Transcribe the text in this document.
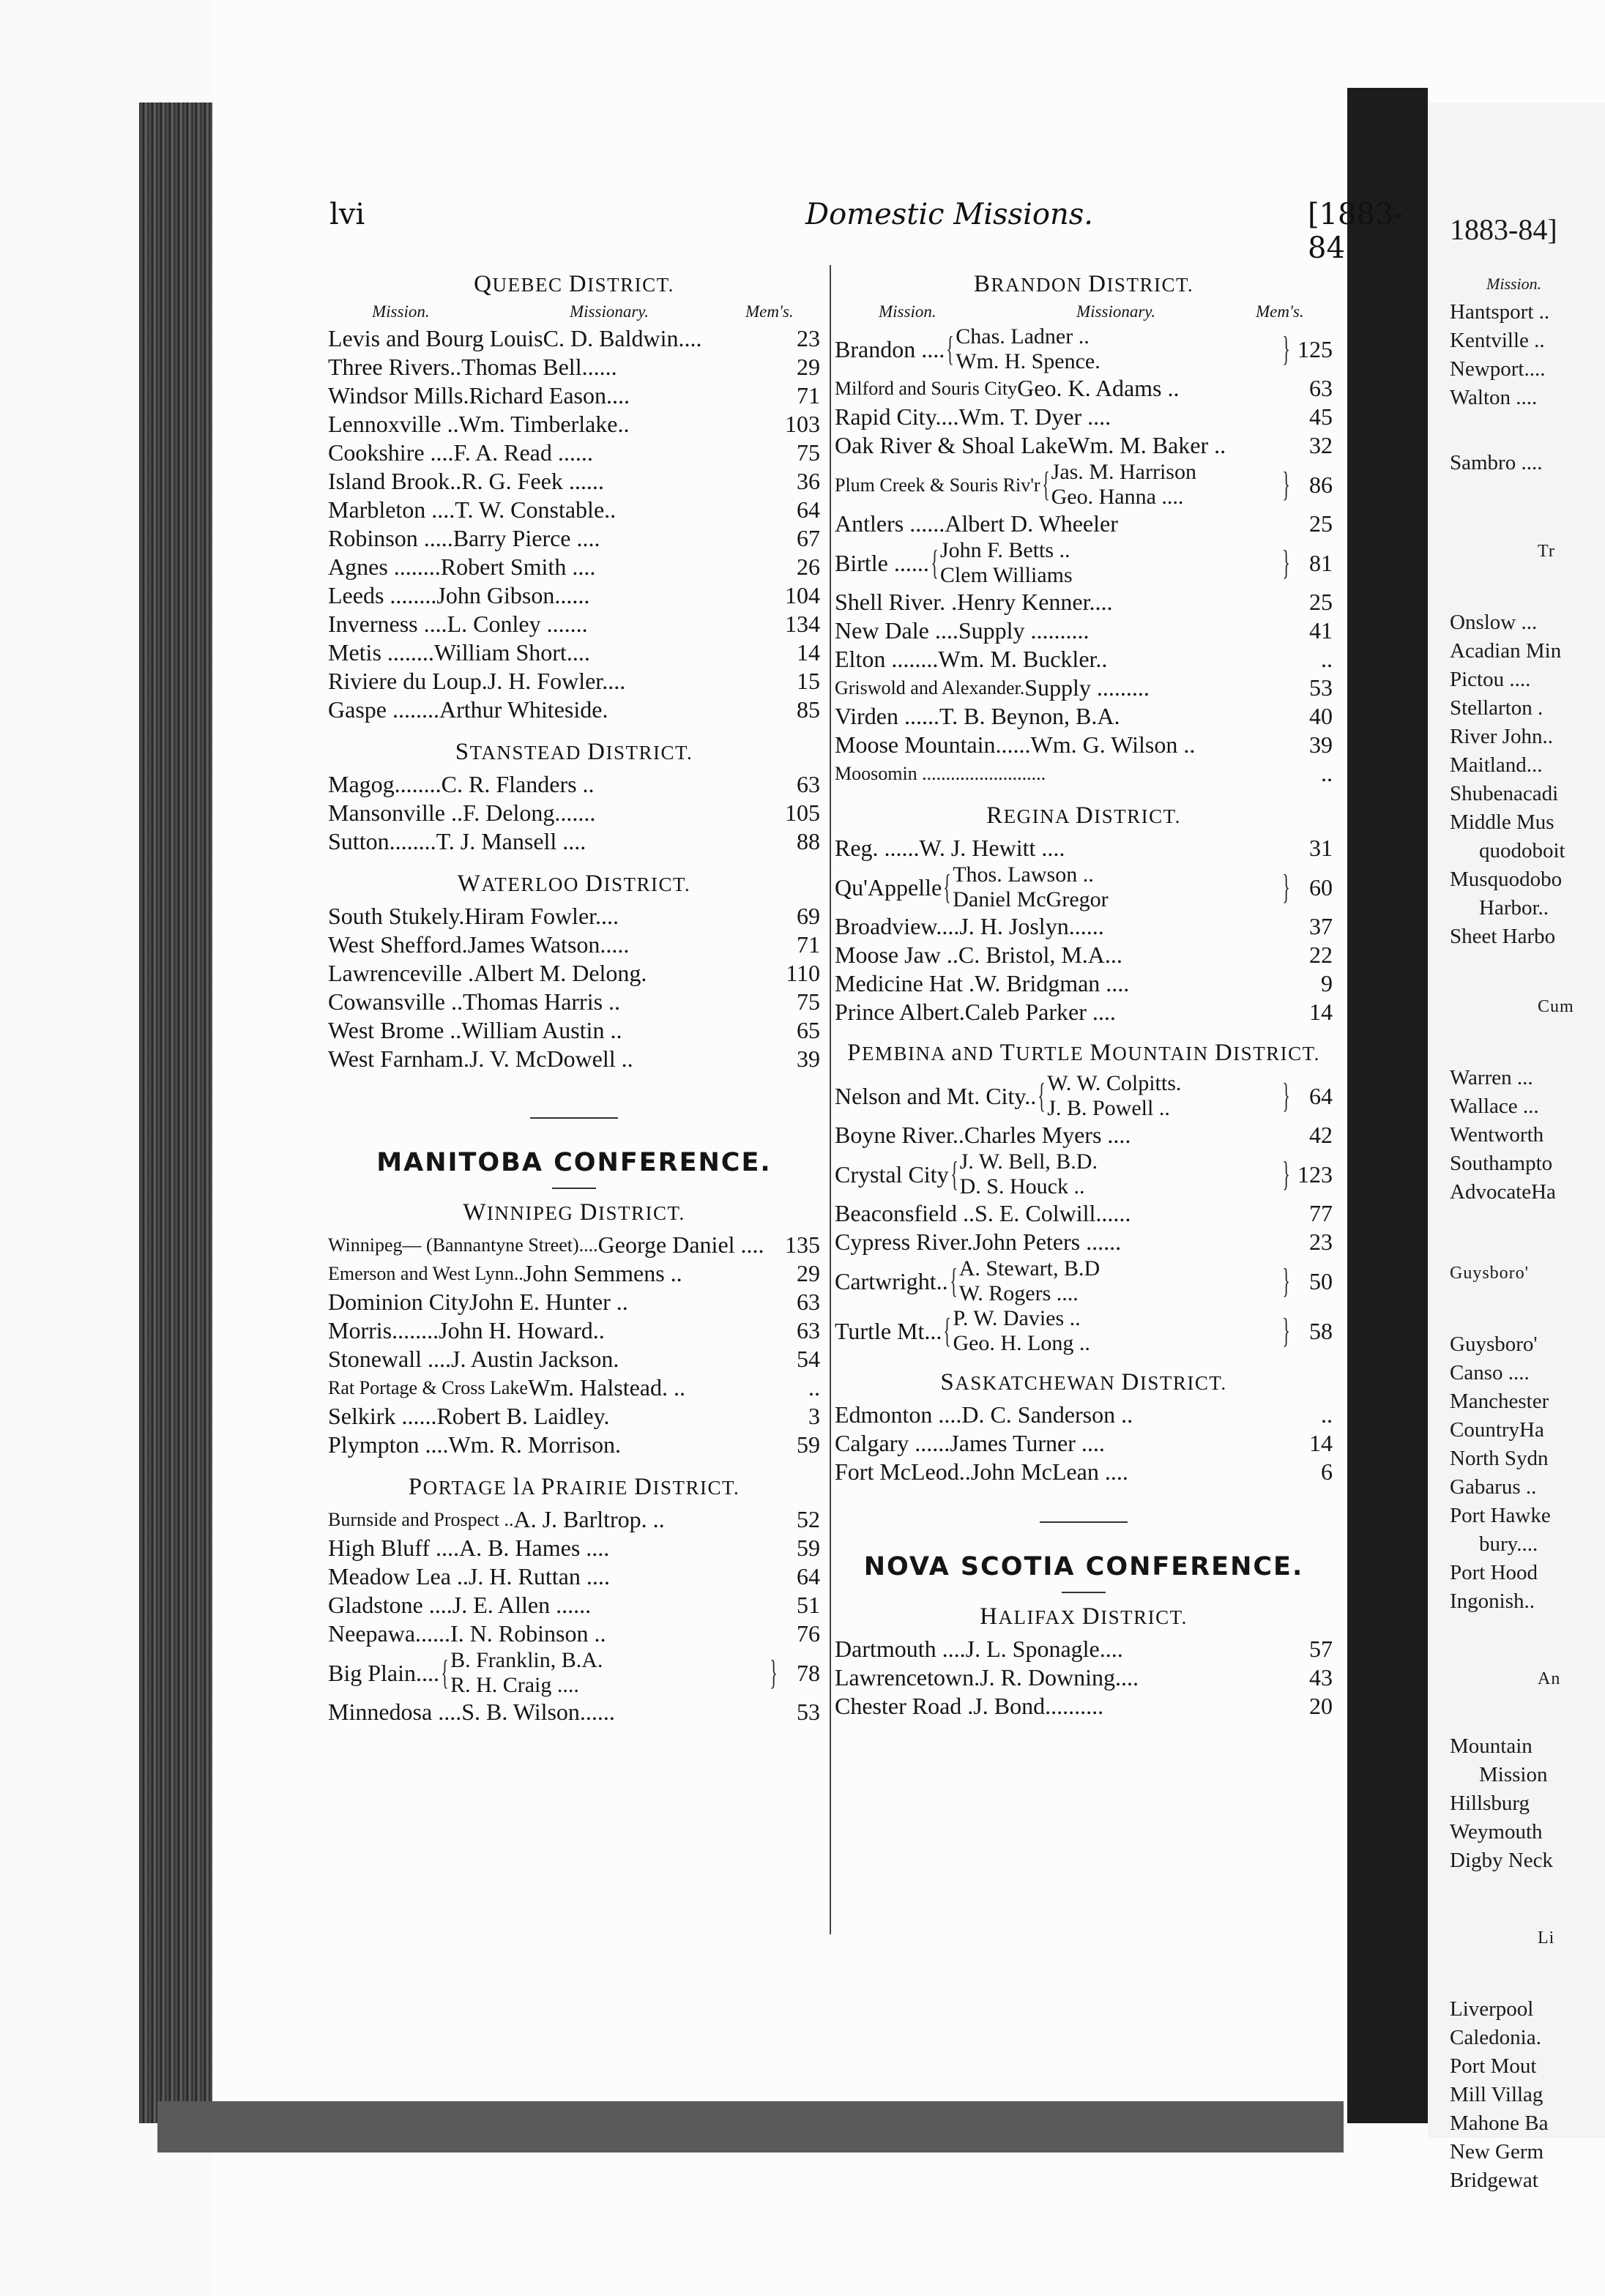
lvi	Domestic Missions.	[1883-84
QUEBEC DISTRICT.
Mission.	Missionary.	Mem's.
Levis and Bourg Louis C. D. Baldwin....	23
Three Rivers.. Thomas Bell......	29
Windsor Mills. Richard Eason....	71
Lennoxville .. Wm. Timberlake..	103
Cookshire .... F. A. Read ......	75
Island Brook.. R. G. Feek ......	36
Marbleton .... T. W. Constable..	64
Robinson ..... Barry Pierce ....	67
Agnes ........ Robert Smith ....	26
Leeds ........ John Gibson......	104
Inverness .... L. Conley .......	134
Metis ........ William Short....	14
Riviere du Loup. J. H. Fowler....	15
Gaspe ........ Arthur Whiteside.	85
STANSTEAD DISTRICT.
Magog........ C. R. Flanders ..	63
Mansonville .. F. Delong.......	105
Sutton........ T. J. Mansell ....	88
WATERLOO DISTRICT.
South Stukely. Hiram Fowler....	69
West Shefford. James Watson.....	71
Lawrenceville . Albert M. Delong.	110
Cowansville .. Thomas Harris ..	75
West Brome .. William Austin ..	65
West Farnham. J. V. McDowell ..	39
MANITOBA CONFERENCE.
WINNIPEG DISTRICT.
Winnipeg— (Bannantyne Street).... George Daniel .... 135
Emerson and West Lynn.. John Semmens ..	29
Dominion City John E. Hunter ..	63
Morris........ John H. Howard..	63
Stonewall .... J. Austin Jackson.	54
Rat Portage & Cross Lake Wm. Halstead. ..	..
Selkirk ...... Robert B. Laidley.	3
Plympton .... Wm. R. Morrison.	59
PORTAGE lA PRAIRIE DISTRICT.
Burnside and Prospect .. A. J. Barltrop. ..	52
High Bluff .... A. B. Hames ....	59
Meadow Lea .. J. H. Ruttan ....	64
Gladstone .... J. E. Allen ......	51
Neepawa...... I. N. Robinson ..	76
Big Plain.... { B. Franklin, B.A.
R. H. Craig ....	} 78
Minnedosa .... S. B. Wilson......	53
BRANDON DISTRICT.
Mission.	Missionary.	Mem's.
Brandon .... { Chas. Ladner ..
Wm. H. Spence.	} 125
Milford and Souris City Geo. K. Adams ..	63
Rapid City.... Wm. T. Dyer ....	45
Oak River & Shoal Lake Wm. M. Baker ..	32
Plum Creek & Souris Riv'r { Jas. M. Harrison
Geo. Hanna ....	} 86
Antlers ...... Albert D. Wheeler	25
Birtle ...... { John F. Betts ..
Clem Williams	} 81
Shell River. . Henry Kenner....	25
New Dale .... Supply ..........	41
Elton ........ Wm. M. Buckler..	..
Griswold and Alexander. Supply .........	53
Virden ...... T. B. Beynon, B.A.	40
Moose Mountain...... Wm. G. Wilson ..	39
Moosomin ..........................	..
REGINA DISTRICT.
Reg. ...... W. J. Hewitt ....	31
Qu'Appelle { Thos. Lawson ..
Daniel McGregor	} 60
Broadview.... J. H. Joslyn......	37
Moose Jaw .. C. Bristol, M.A...	22
Medicine Hat . W. Bridgman ....	9
Prince Albert. Caleb Parker ....	14
PEMBINA aND TURTLE MOUNTAIN DISTRICT.
Nelson and Mt. City.. { W. W. Colpitts.
J. B. Powell ..	} 64
Boyne River.. Charles Myers ....	42
Crystal City { J. W. Bell, B.D.
D. S. Houck ..	} 123
Beaconsfield .. S. E. Colwill......	77
Cypress River. John Peters ......	23
Cartwright.. { A. Stewart, B.D
W. Rogers ....	} 50
Turtle Mt... { P. W. Davies ..
Geo. H. Long ..	} 58
SASKATCHEWAN DISTRICT.
Edmonton .... D. C. Sanderson ..	..
Calgary ...... James Turner ....	14
Fort McLeod.. John McLean ....	6
NOVA SCOTIA CONFERENCE.
HALIFAX DISTRICT.
Dartmouth .... J. L. Sponagle....	57
Lawrencetown. J. R. Downing....	43
Chester Road . J. Bond..........	20
1883-84]
Mission.
Hantsport ..
Kentville ..
Newport....
Walton ....
Sambro ....
Tr
Onslow ...
Acadian Min
Pictou ....
Stellarton .
River John..
Maitland...
Shubenacadi
Middle Mus
quodoboit
Musquodobo
Harbor..
Sheet Harbo
Cum
Warren ...
Wallace ...
Wentworth
Southampto
AdvocateHa
Guysboro'
Guysboro'
Canso ....
Manchester
CountryHa
North Sydn
Gabarus ..
Port Hawke
bury....
Port Hood
Ingonish..
An
Mountain
Mission
Hillsburg
Weymouth
Digby Neck
Li
Liverpool
Caledonia.
Port Mout
Mill Villag
Mahone Ba
New Germ
Bridgewat
